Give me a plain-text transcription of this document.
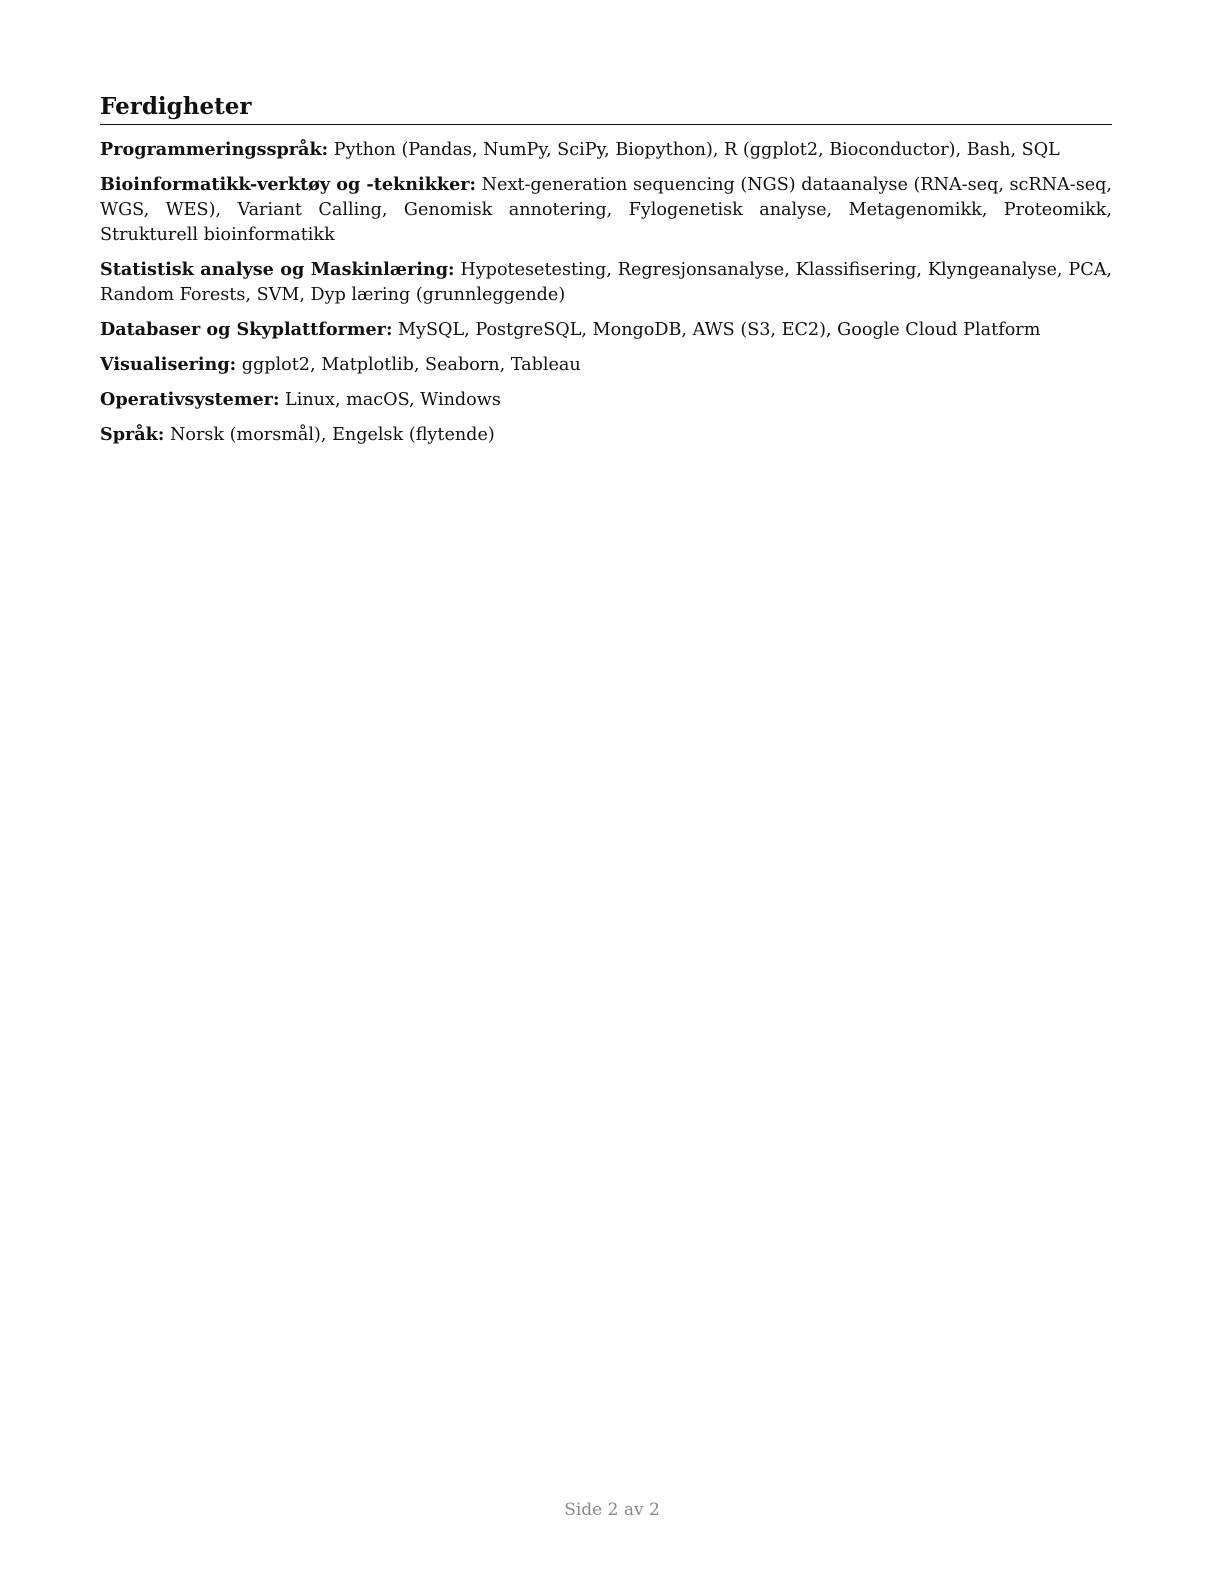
Ferdigheter

Programmeringsspråk: Python (Pandas, NumPy, SciPy, Biopython), R (ggplot2, Bioconductor), Bash, SQL

Bioinformatikk-verktøy og -teknikker: Next-generation sequencing (NGS) dataanalyse (RNA-seq, scRNA-seq, WGS, WES), Variant Calling, Genomisk annotering, Fylogenetisk analyse, Metagenomikk, Proteomikk, Strukturell bioinformatikk

Statistisk analyse og Maskinlæring: Hypotesetesting, Regresjonsanalyse, Klassifisering, Klyngeanalyse, PCA, Random Forests, SVM, Dyp læring (grunnleggende)

Databaser og Skyplattformer: MySQL, PostgreSQL, MongoDB, AWS (S3, EC2), Google Cloud Platform

Visualisering: ggplot2, Matplotlib, Seaborn, Tableau

Operativsystemer: Linux, macOS, Windows

Språk: Norsk (morsmål), Engelsk (flytende)

Side 2 av 2
